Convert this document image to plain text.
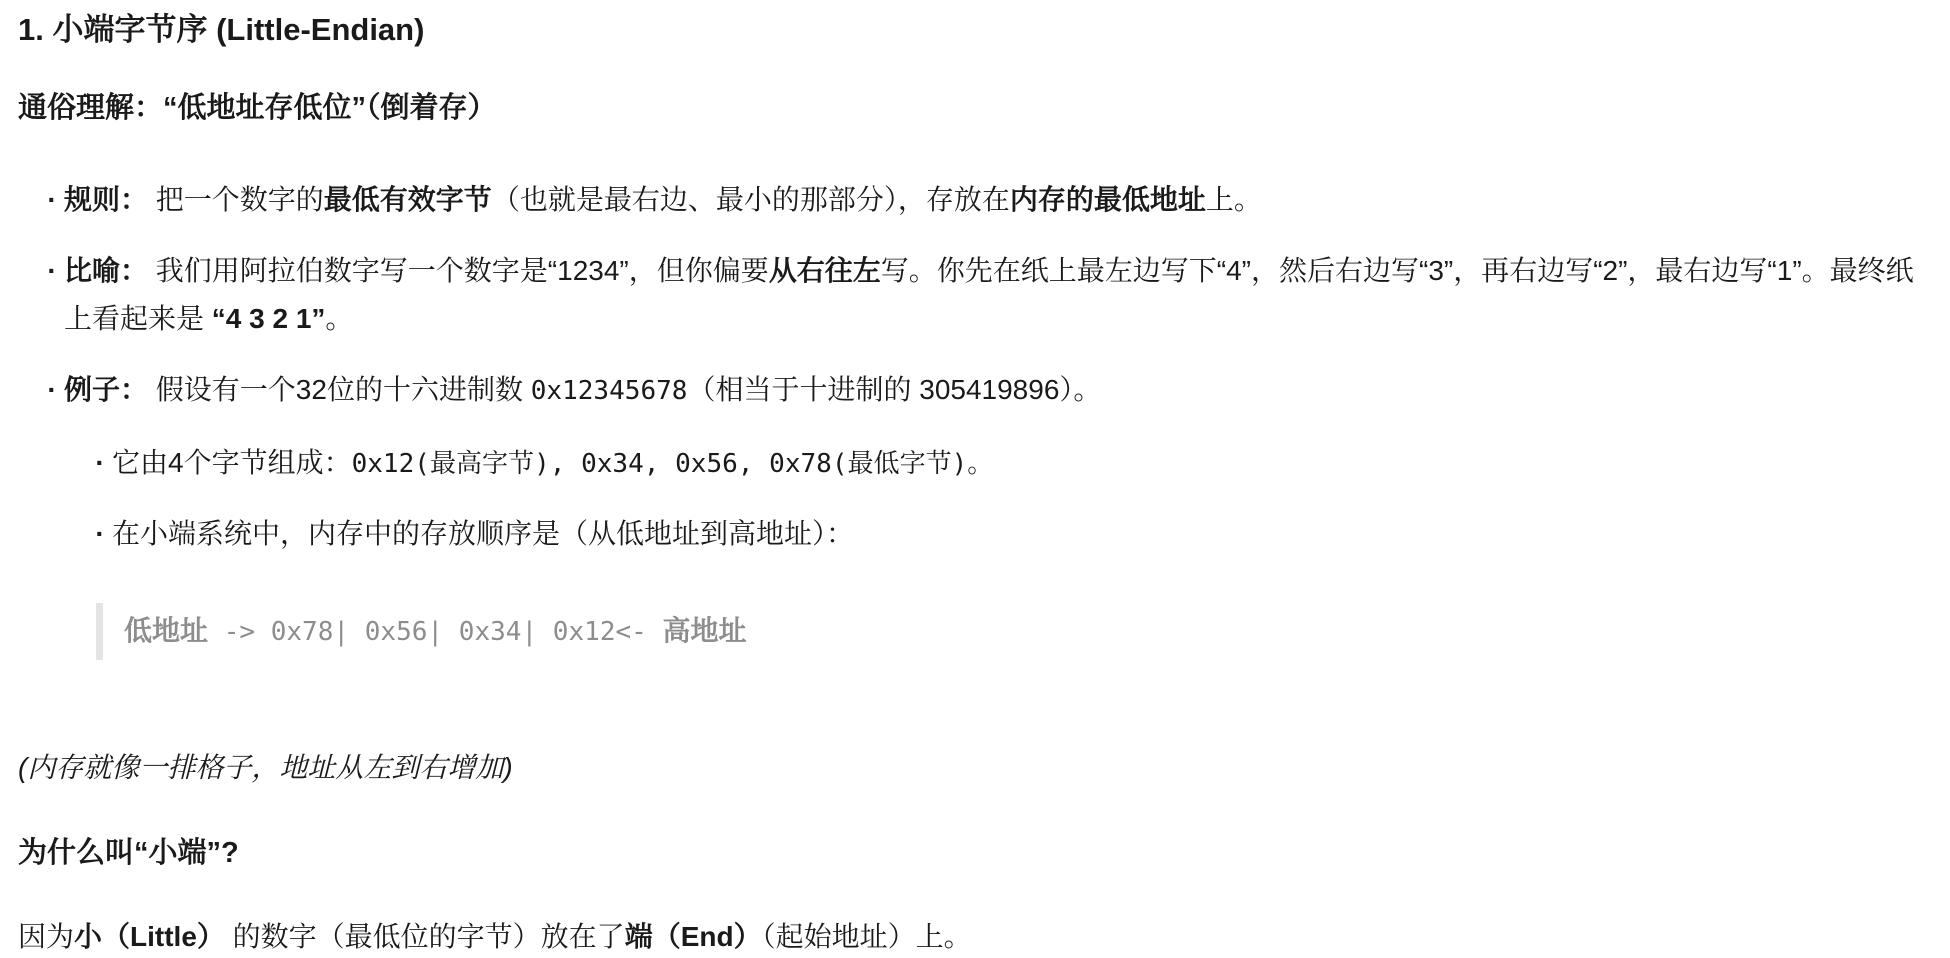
1. 小端字节序 (Little-Endian)
通俗理解：“低地址存低位”（倒着存）
· 规则： 把一个数字的最低有效字节（也就是最右边、最小的那部分），存放在内存的最低地址上。
· 比喻： 我们用阿拉伯数字写一个数字是“1234”，但你偏要从右往左写。你先在纸上最左边写下“4”，然后右边写“3”，再右边写“2”，最右边写“1”。最终纸上看起来是 “4 3 2 1”。
· 例子： 假设有一个32位的十六进制数 0x12345678（相当于十进制的 305419896）。
· 它由4个字节组成：0x12(最高字节), 0x34, 0x56, 0x78(最低字节)。
· 在小端系统中，内存中的存放顺序是（从低地址到高地址）：
低地址 -> 0x78| 0x56| 0x34| 0x12<- 高地址
(内存就像一排格子，地址从左到右增加)
为什么叫“小端”?
因为小（Little） 的数字（最低位的字节）放在了端（End）（起始地址）上。
